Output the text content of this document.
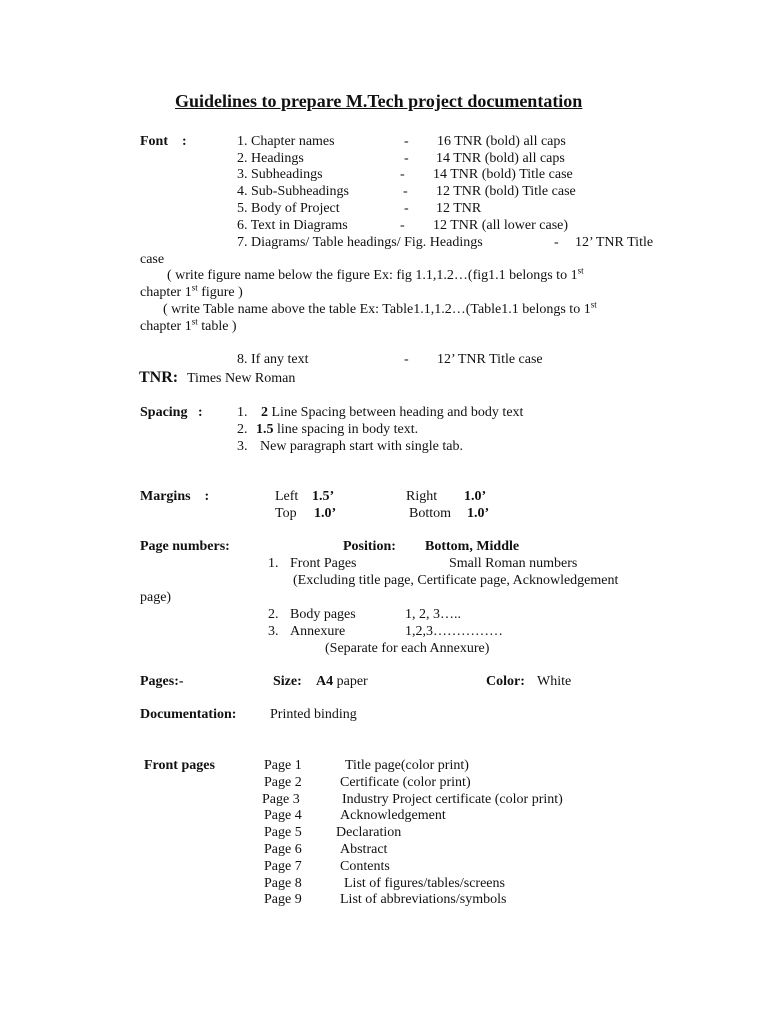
Guidelines to prepare M.Tech project documentation
Font    :	1. Chapter names	- 16 TNR (bold) all caps
2. Headings	- 14 TNR (bold) all caps
3. Subheadings	- 14 TNR (bold) Title case
4. Sub-Subheadings	- 12 TNR (bold) Title case
5. Body of Project	- 12 TNR
6. Text in Diagrams	- 12 TNR (all lower case)
7. Diagrams/ Table headings/ Fig. Headings	- 12’ TNR Title
case
( write figure name below the figure Ex: fig 1.1,1.2…(fig1.1 belongs to 1st
chapter 1st figure )
( write Table name above the table Ex: Table1.1,1.2…(Table1.1 belongs to 1st
chapter 1st table )
8. If any text	- 12’ TNR Title case
TNR: Times New Roman
Spacing   : 1. 2 Line Spacing between heading and body text
2. 1.5 line spacing in body text.
3. New paragraph start with single tab.
Margins    :	Left 1.5’	Right 1.0’
Top 1.0’	Bottom 1.0’
Page numbers:	Position: Bottom, Middle
1. Front Pages	Small Roman numbers
(Excluding title page, Certificate page, Acknowledgement
page)
2. Body pages	1, 2, 3…..
3. Annexure	1,2,3……………
(Separate for each Annexure)
Pages:-	Size: A4 paper	Color: White
Documentation: Printed binding
Front pages	Page 1	Title page(color print)
Page 2	Certificate (color print)
Page 3	Industry Project certificate (color print)
Page 4	Acknowledgement
Page 5 Declaration
Page 6	Abstract
Page 7	Contents
Page 8	List of figures/tables/screens
Page 9	List of abbreviations/symbols
